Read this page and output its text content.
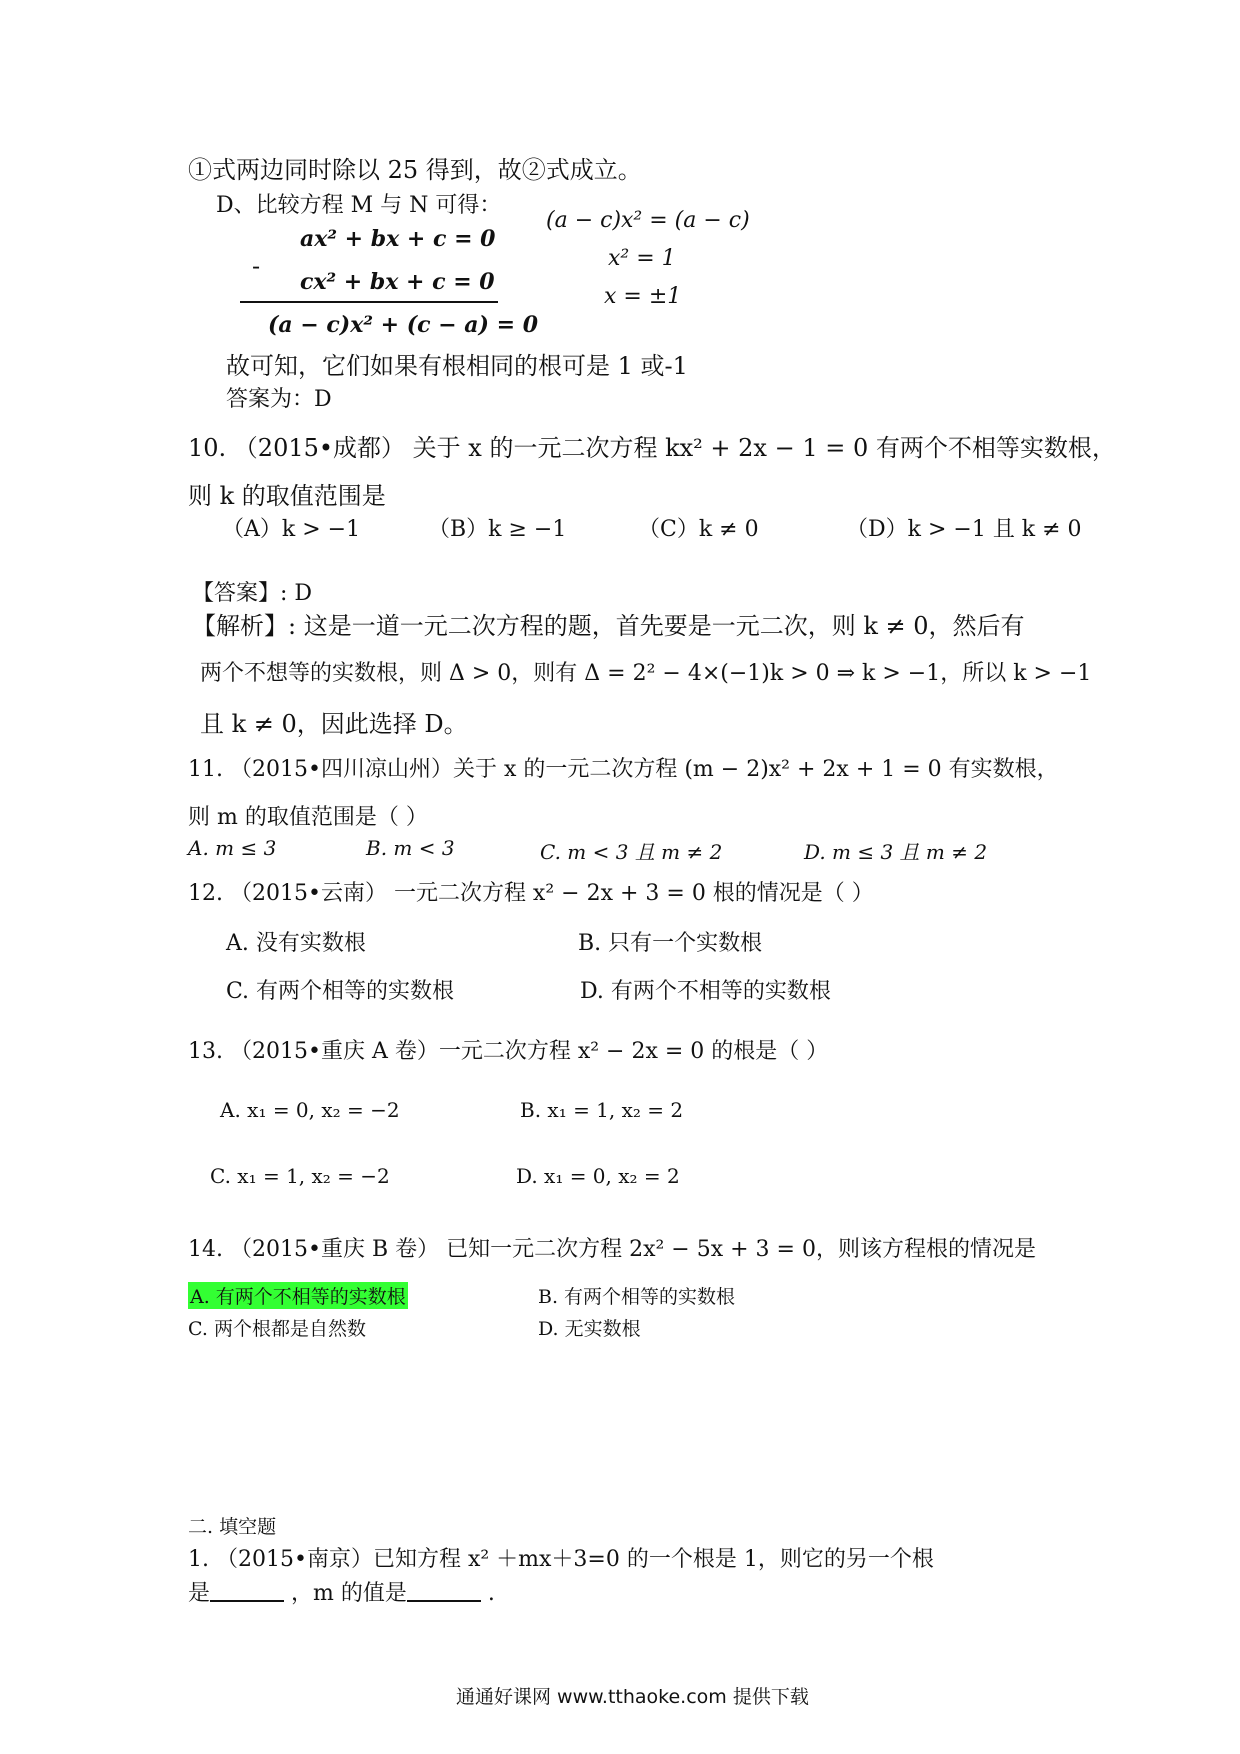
①式两边同时除以 25 得到，故②式成立。
D、比较方程 M 与 N 可得：
ax² + bx + c = 0
-
cx² + bx + c = 0
(a − c)x² + (c − a) = 0
(a − c)x² = (a − c)
x² = 1
x = ±1
故可知，它们如果有根相同的根可是 1 或-1
答案为：D
10. （2015•成都） 关于 x 的一元二次方程 kx² + 2x − 1 = 0 有两个不相等实数根，
则 k 的取值范围是
（A）k > −1	（B）k ≥ −1	（C）k ≠ 0	（D）k > −1 且 k ≠ 0
【答案】: D
【解析】: 这是一道一元二次方程的题，首先要是一元二次，则 k ≠ 0，然后有
两个不想等的实数根，则 Δ > 0，则有 Δ = 2² − 4×(−1)k > 0 ⇒ k > −1，所以 k > −1
且 k ≠ 0，因此选择 D。
11. （2015•四川凉山州）关于 x 的一元二次方程 (m − 2)x² + 2x + 1 = 0 有实数根，
则 m 的取值范围是（ ）
A. m ≤ 3	B. m < 3	C. m < 3 且 m ≠ 2	D. m ≤ 3 且 m ≠ 2
12. （2015•云南） 一元二次方程 x² − 2x + 3 = 0 根的情况是（ ）
A. 没有实数根	B. 只有一个实数根
C. 有两个相等的实数根	D. 有两个不相等的实数根
13. （2015•重庆 A 卷）一元二次方程 x² − 2x = 0 的根是（ ）
A. x₁ = 0, x₂ = −2	B. x₁ = 1, x₂ = 2
C. x₁ = 1, x₂ = −2	D. x₁ = 0, x₂ = 2
14. （2015•重庆 B 卷） 已知一元二次方程 2x² − 5x + 3 = 0，则该方程根的情况是
A. 有两个不相等的实数根	B. 有两个相等的实数根
C. 两个根都是自然数	D. 无实数根
二. 填空题
1. （2015•南京）已知方程 x² ＋mx＋3=0 的一个根是 1，则它的另一个根
是	，m 的值是	.
通通好课网 www.tthaoke.com 提供下载
